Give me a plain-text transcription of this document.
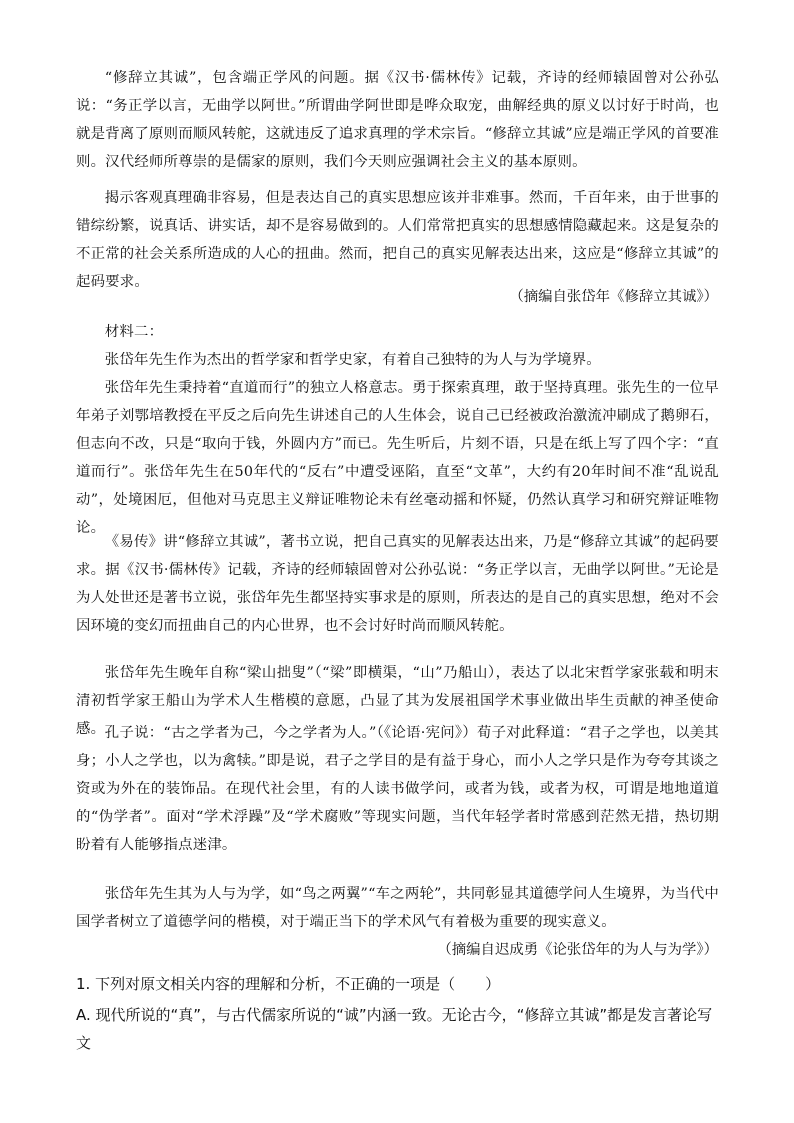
“修辞立其诚”，包含端正学风的问题。据《汉书·儒林传》记载，齐诗的经师辕固曾对公孙弘说：“务正学以言，无曲学以阿世。”所谓曲学阿世即是哗众取宠，曲解经典的原义以讨好于时尚，也就是背离了原则而顺风转舵，这就违反了追求真理的学术宗旨。“修辞立其诚”应是端正学风的首要准则。汉代经师所尊崇的是儒家的原则，我们今天则应强调社会主义的基本原则。

揭示客观真理确非容易，但是表达自己的真实思想应该并非难事。然而，千百年来，由于世事的错综纷繁，说真话、讲实话，却不是容易做到的。人们常常把真实的思想感情隐藏起来。这是复杂的不正常的社会关系所造成的人心的扭曲。然而，把自己的真实见解表达出来，这应是“修辞立其诚”的起码要求。

（摘编自张岱年《修辞立其诚》）

材料二：

张岱年先生作为杰出的哲学家和哲学史家，有着自己独特的为人与为学境界。

张岱年先生秉持着“直道而行”的独立人格意志。勇于探索真理，敢于坚持真理。张先生的一位早年弟子刘鄂培教授在平反之后向先生讲述自己的人生体会，说自己已经被政治激流冲刷成了鹅卵石，但志向不改，只是“取向于钱，外圆内方”而已。先生听后，片刻不语，只是在纸上写了四个字：“直道而行”。张岱年先生在50年代的“反右”中遭受诬陷，直至“文革”，大约有20年时间不准“乱说乱动”，处境困厄，但他对马克思主义辩证唯物论未有丝毫动摇和怀疑，仍然认真学习和研究辩证唯物论。

《易传》讲“修辞立其诚”，著书立说，把自己真实的见解表达出来，乃是“修辞立其诚”的起码要求。据《汉书·儒林传》记载，齐诗的经师辕固曾对公孙弘说：“务正学以言，无曲学以阿世。”无论是为人处世还是著书立说，张岱年先生都坚持实事求是的原则，所表达的是自己的真实思想，绝对不会因环境的变幻而扭曲自己的内心世界，也不会讨好时尚而顺风转舵。

张岱年先生晚年自称“梁山拙叟”（“梁”即横渠，“山”乃船山），表达了以北宋哲学家张载和明末清初哲学家王船山为学术人生楷模的意愿，凸显了其为发展祖国学术事业做出毕生贡献的神圣使命感。 孔子说：“古之学者为己，今之学者为人。”（《论语·宪问》）荀子对此释道：“君子之学也，以美其身；小人之学也，以为禽犊。”即是说，君子之学目的是有益于身心，而小人之学只是作为夸夸其谈之资或为外在的装饰品。在现代社会里，有的人读书做学问，或者为钱，或者为权，可谓是地地道道的“伪学者”。面对“学术浮躁”及“学术腐败”等现实问题，当代年轻学者时常感到茫然无措，热切期盼着有人能够指点迷津。

张岱年先生其为人与为学，如“鸟之两翼”“车之两轮”，共同彰显其道德学问人生境界，为当代中国学者树立了道德学问的楷模，对于端正当下的学术风气有着极为重要的现实意义。

（摘编自迟成勇《论张岱年的为人与为学》）

1. 下列对原文相关内容的理解和分析，不正确的一项是（　　）

A. 现代所说的“真”，与古代儒家所说的“诚”内涵一致。无论古今，“修辞立其诚”都是发言著论写文
